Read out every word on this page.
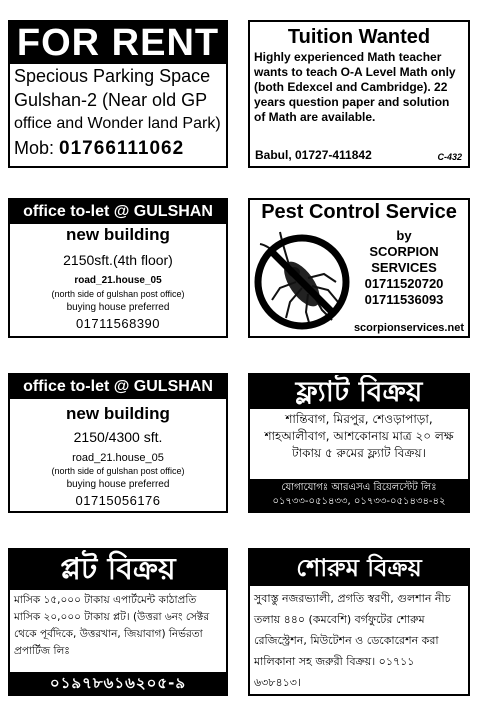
FOR RENT
Specious Parking Space
Gulshan-2 (Near old GP
office and Wonder land Park)
Mob: 01766111062
Tuition Wanted
Highly experienced Math teacher wants to teach O-A Level Math only (both Edexcel and Cambridge). 22 years question paper and solution of Math are available.
Babul, 01727-411842	C-432
office to-let @ GULSHAN
new building
2150sft.(4th floor)
road_21.house_05
(north side of gulshan post office)
buying house preferred
01711568390
Pest Control Service
by
SCORPION
SERVICES
01711520720
01711536093
scorpionservices.net
office to-let @ GULSHAN
new building
2150/4300 sft.
road_21.house_05
(north side of gulshan post office)
buying house preferred
01715056176
ফ্ল্যাট বিক্রয়
শান্তিবাগ, মিরপুর, শেওড়াপাড়া, শাহআলীবাগ, আশকোনায় মাত্র ২০ লক্ষ টাকায় ৫ রুমের ফ্ল্যাট বিক্রয়।
যোগাযোগঃ আরএসএ রিয়েলস্টেট লিঃ
০১৭৩৩-০৫১৪৩৩, ০১৭৩৩-০৫১৪৩৪-৪২
প্লট বিক্রয়
মাসিক ১৫,০০০ টাকায় এপার্টমেন্ট কাঠাপ্রতি মাসিক ২০,০০০ টাকায় প্লট। (উত্তরা ৬নং সেক্টর থেকে পূর্বদিকে, উত্তরখান, জিয়াবাগ) নির্ভরতা প্রপার্টিজ লিঃ
০১৯৭৮৬১৬২০৫-৯
শোরুম বিক্রয়
সুবাস্তু নজরভ্যালী, প্রগতি স্বরণী, গুলশান নীচ তলায় ৪৪০ (কমবেশি) বর্গফুটের শোরুম রেজিস্ট্রেশন, মিউটেশন ও ডেকোরেশন করা মালিকানা সহ জরুরী বিক্রয়। ০১৭১১ ৬৩৮৪১৩।
